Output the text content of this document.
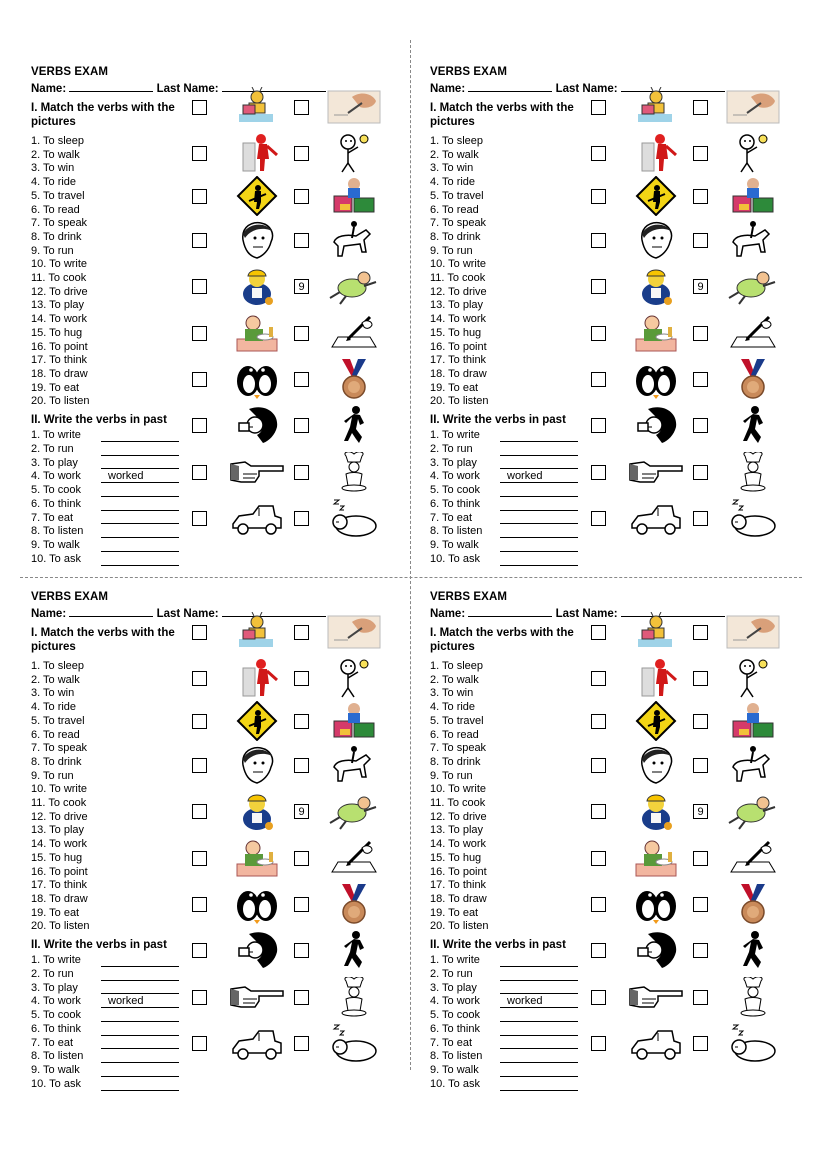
VERBS EXAM
Name:	Last Name:
I. Match the verbs with the pictures
1. To sleep
2. To walk
3. To win
4. To ride
5. To travel
6. To read
7. To speak
8. To drink
9. To run
10. To write
11. To cook
12. To drive
13. To play
14. To work
15. To hug
16. To point
17. To think
18. To draw
19. To eat
20. To listen
II. Write the verbs in past
1. To write
2. To run
3. To play
4. To work worked
5. To cook
6. To think
7. To eat
8. To listen
9. To walk
10. To ask
9
VERBS EXAM
Name:	Last Name:
I. Match the verbs with the pictures
1. To sleep
2. To walk
3. To win
4. To ride
5. To travel
6. To read
7. To speak
8. To drink
9. To run
10. To write
11. To cook
12. To drive
13. To play
14. To work
15. To hug
16. To point
17. To think
18. To draw
19. To eat
20. To listen
II. Write the verbs in past
1. To write
2. To run
3. To play
4. To work worked
5. To cook
6. To think
7. To eat
8. To listen
9. To walk
10. To ask
9
VERBS EXAM
Name:	Last Name:
I. Match the verbs with the pictures
1. To sleep
2. To walk
3. To win
4. To ride
5. To travel
6. To read
7. To speak
8. To drink
9. To run
10. To write
11. To cook
12. To drive
13. To play
14. To work
15. To hug
16. To point
17. To think
18. To draw
19. To eat
20. To listen
II. Write the verbs in past
1. To write
2. To run
3. To play
4. To work worked
5. To cook
6. To think
7. To eat
8. To listen
9. To walk
10. To ask
9
VERBS EXAM
Name:	Last Name:
I. Match the verbs with the pictures
1. To sleep
2. To walk
3. To win
4. To ride
5. To travel
6. To read
7. To speak
8. To drink
9. To run
10. To write
11. To cook
12. To drive
13. To play
14. To work
15. To hug
16. To point
17. To think
18. To draw
19. To eat
20. To listen
II. Write the verbs in past
1. To write
2. To run
3. To play
4. To work worked
5. To cook
6. To think
7. To eat
8. To listen
9. To walk
10. To ask
9
